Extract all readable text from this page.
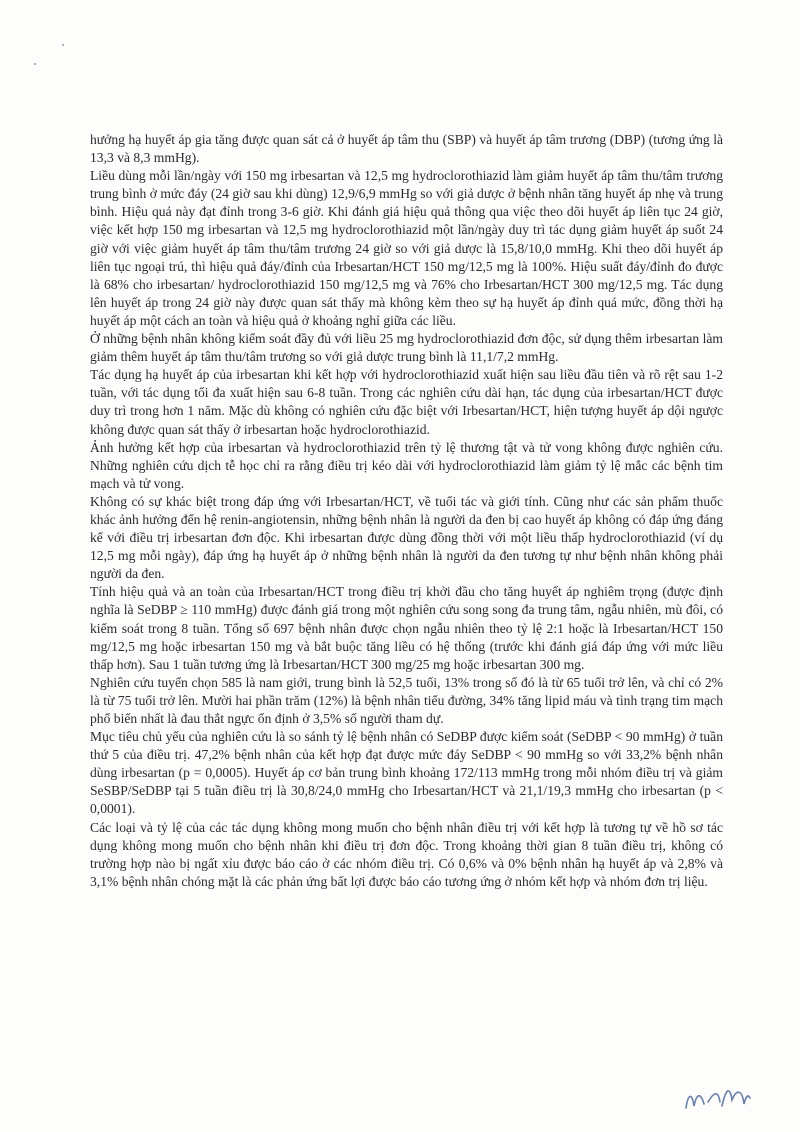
hưởng hạ huyết áp gia tăng được quan sát cả ở huyết áp tâm thu (SBP) và huyết áp tâm trương (DBP) (tương ứng là 13,3 và 8,3 mmHg).

Liều dùng mỗi lần/ngày với 150 mg irbesartan và 12,5 mg hydroclorothiazid làm giảm huyết áp tâm thu/tâm trương trung bình ở mức đáy (24 giờ sau khi dùng) 12,9/6,9 mmHg so với giả dược ở bệnh nhân tăng huyết áp nhẹ và trung bình. Hiệu quả này đạt đỉnh trong 3-6 giờ. Khi đánh giá hiệu quả thông qua việc theo dõi huyết áp liên tục 24 giờ, việc kết hợp 150 mg irbesartan và 12,5 mg hydroclorothiazid một lần/ngày duy trì tác dụng giảm huyết áp suốt 24 giờ với việc giảm huyết áp tâm thu/tâm trương 24 giờ so với giả dược là 15,8/10,0 mmHg. Khi theo dõi huyết áp liên tục ngoại trú, thì hiệu quả đáy/đỉnh của Irbesartan/HCT 150 mg/12,5 mg là 100%. Hiệu suất đáy/đỉnh đo được là 68% cho irbesartan/ hydroclorothiazid 150 mg/12,5 mg và 76% cho Irbesartan/HCT 300 mg/12,5 mg. Tác dụng lên huyết áp trong 24 giờ này được quan sát thấy mà không kèm theo sự hạ huyết áp đỉnh quá mức, đồng thời hạ huyết áp một cách an toàn và hiệu quả ở khoảng nghỉ giữa các liều.

Ở những bệnh nhân không kiểm soát đầy đủ với liều 25 mg hydroclorothiazid đơn độc, sử dụng thêm irbesartan làm giảm thêm huyết áp tâm thu/tâm trương so với giả dược trung bình là 11,1/7,2 mmHg.

Tác dụng hạ huyết áp của irbesartan khi kết hợp với hydroclorothiazid xuất hiện sau liều đầu tiên và rõ rệt sau 1-2 tuần, với tác dụng tối đa xuất hiện sau 6-8 tuần. Trong các nghiên cứu dài hạn, tác dụng của irbesartan/HCT được duy trì trong hơn 1 năm. Mặc dù không có nghiên cứu đặc biệt với Irbesartan/HCT, hiện tượng huyết áp dội ngược không được quan sát thấy ở irbesartan hoặc hydroclorothiazid.

Ảnh hưởng kết hợp của irbesartan và hydroclorothiazid trên tỷ lệ thương tật và tử vong không được nghiên cứu. Những nghiên cứu dịch tễ học chỉ ra rằng điều trị kéo dài với hydroclorothiazid làm giảm tỷ lệ mắc các bệnh tim mạch và tử vong.

Không có sự khác biệt trong đáp ứng với Irbesartan/HCT, về tuổi tác và giới tính. Cũng như các sản phẩm thuốc khác ảnh hưởng đến hệ renin-angiotensin, những bệnh nhân là người da đen bị cao huyết áp không có đáp ứng đáng kể với điều trị irbesartan đơn độc. Khi irbesartan được dùng đồng thời với một liều thấp hydroclorothiazid (ví dụ 12,5 mg mỗi ngày), đáp ứng hạ huyết áp ở những bệnh nhân là người da đen tương tự như bệnh nhân không phải người da đen.

Tính hiệu quả và an toàn của Irbesartan/HCT trong điều trị khởi đầu cho tăng huyết áp nghiêm trọng (được định nghĩa là SeDBP ≥ 110 mmHg) được đánh giá trong một nghiên cứu song song đa trung tâm, ngẫu nhiên, mù đôi, có kiểm soát trong 8 tuần. Tổng số 697 bệnh nhân được chọn ngẫu nhiên theo tỷ lệ 2:1 hoặc là Irbesartan/HCT 150 mg/12,5 mg hoặc irbesartan 150 mg và bắt buộc tăng liều có hệ thống (trước khi đánh giá đáp ứng với mức liều thấp hơn). Sau 1 tuần tương ứng là Irbesartan/HCT 300 mg/25 mg hoặc irbesartan 300 mg.

Nghiên cứu tuyển chọn 585 là nam giới, trung bình là 52,5 tuổi, 13% trong số đó là từ 65 tuổi trở lên, và chỉ có 2% là từ 75 tuổi trở lên. Mười hai phần trăm (12%) là bệnh nhân tiểu đường, 34% tăng lipid máu và tình trạng tim mạch phổ biến nhất là đau thắt ngực ổn định ở 3,5% số người tham dự.

Mục tiêu chủ yếu của nghiên cứu là so sánh tỷ lệ bệnh nhân có SeDBP được kiểm soát (SeDBP < 90 mmHg) ở tuần thứ 5 của điều trị. 47,2% bệnh nhân của kết hợp đạt được mức đáy SeDBP < 90 mmHg so với 33,2% bệnh nhân dùng irbesartan (p = 0,0005). Huyết áp cơ bản trung bình khoảng 172/113 mmHg trong mỗi nhóm điều trị và giảm SeSBP/SeDBP tại 5 tuần điều trị là 30,8/24,0 mmHg cho Irbesartan/HCT và 21,1/19,3 mmHg cho irbesartan (p < 0,0001).

Các loại và tỷ lệ của các tác dụng không mong muốn cho bệnh nhân điều trị với kết hợp là tương tự về hồ sơ tác dụng không mong muốn cho bệnh nhân khi điều trị đơn độc. Trong khoảng thời gian 8 tuần điều trị, không có trường hợp nào bị ngất xỉu được báo cáo ở các nhóm điều trị. Có 0,6% và 0% bệnh nhân hạ huyết áp và 2,8% và 3,1% bệnh nhân chóng mặt là các phản ứng bất lợi được báo cáo tương ứng ở nhóm kết hợp và nhóm đơn trị liệu.
